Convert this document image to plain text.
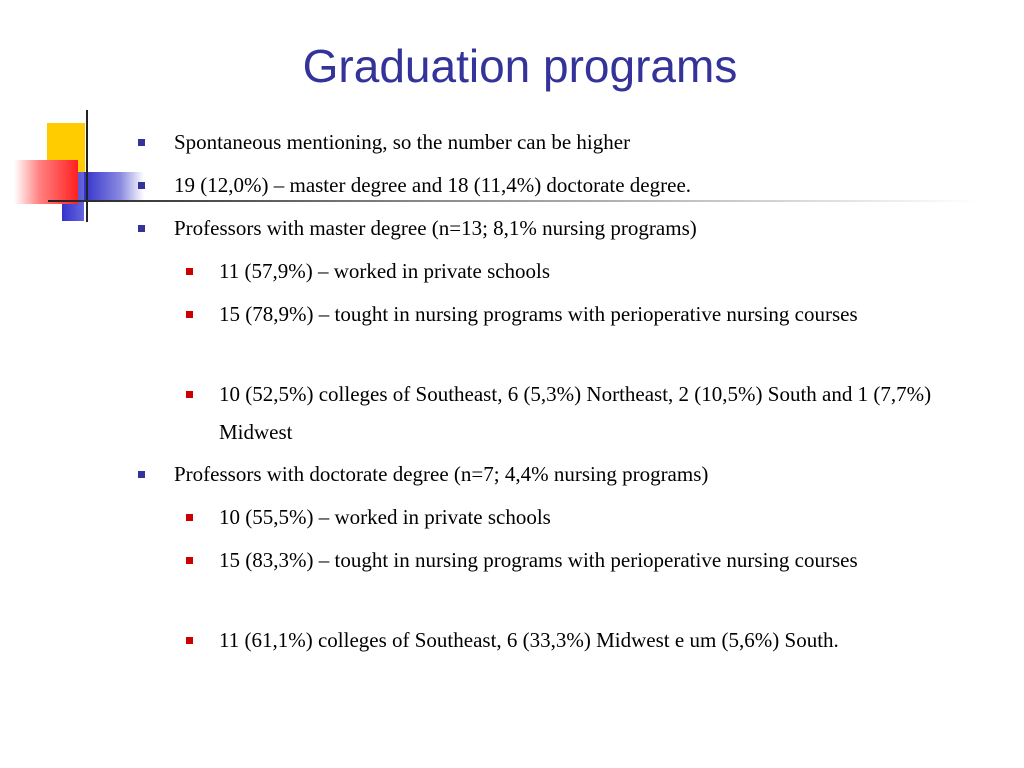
Graduation programs
Spontaneous mentioning, so the number can be higher
19 (12,0%) – master degree and 18 (11,4%) doctorate degree.
Professors with master degree (n=13; 8,1% nursing programs)
11 (57,9%) – worked in private schools
15 (78,9%) – tought in nursing programs with perioperative nursing courses
10 (52,5%) colleges of Southeast, 6 (5,3%) Northeast, 2 (10,5%) South and 1 (7,7%) Midwest
Professors with doctorate degree (n=7; 4,4% nursing programs)
10 (55,5%) – worked in private schools
15 (83,3%) – tought in nursing programs with perioperative nursing courses
11 (61,1%) colleges of Southeast, 6 (33,3%) Midwest e um (5,6%) South.
